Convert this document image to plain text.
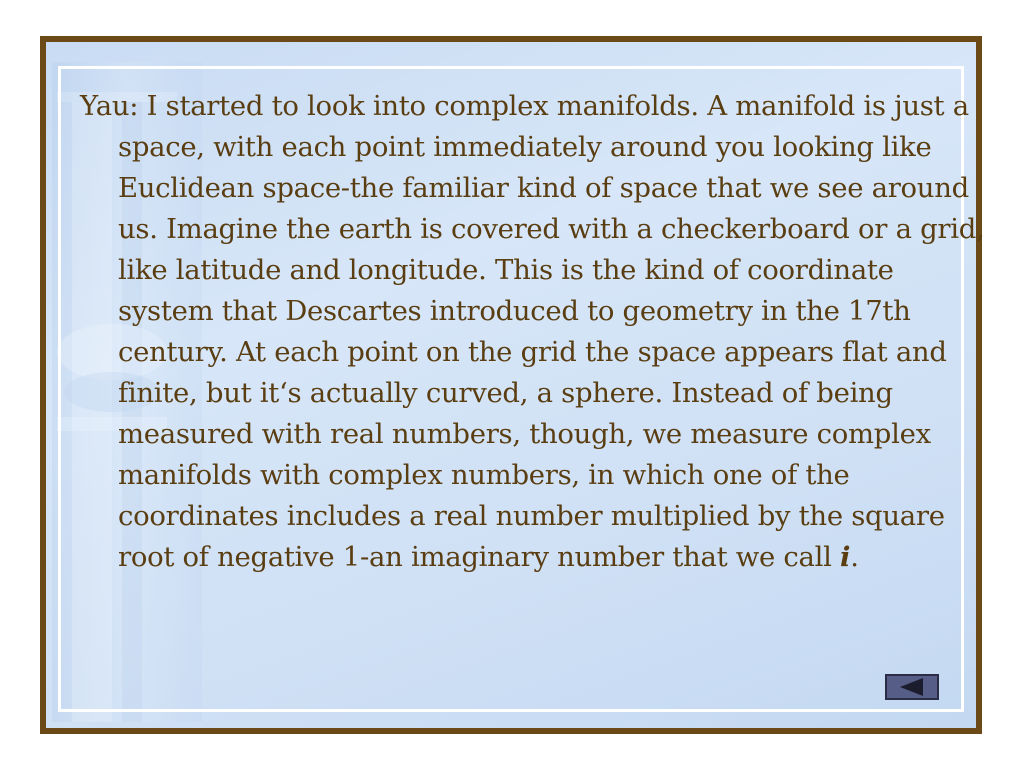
Yau: I started to look into complex manifolds. A manifold is just a space, with each point immediately around you looking like Euclidean space-the familiar kind of space that we see around us. Imagine the earth is covered with a checkerboard or a grid, like latitude and longitude. This is the kind of coordinate system that Descartes introduced to geometry in the 17th century. At each point on the grid the space appears flat and finite, but it‘s actually curved, a sphere. Instead of being measured with real numbers, though, we measure complex manifolds with complex numbers, in which one of the coordinates includes a real number multiplied by the square root of negative 1-an imaginary number that we call i.
